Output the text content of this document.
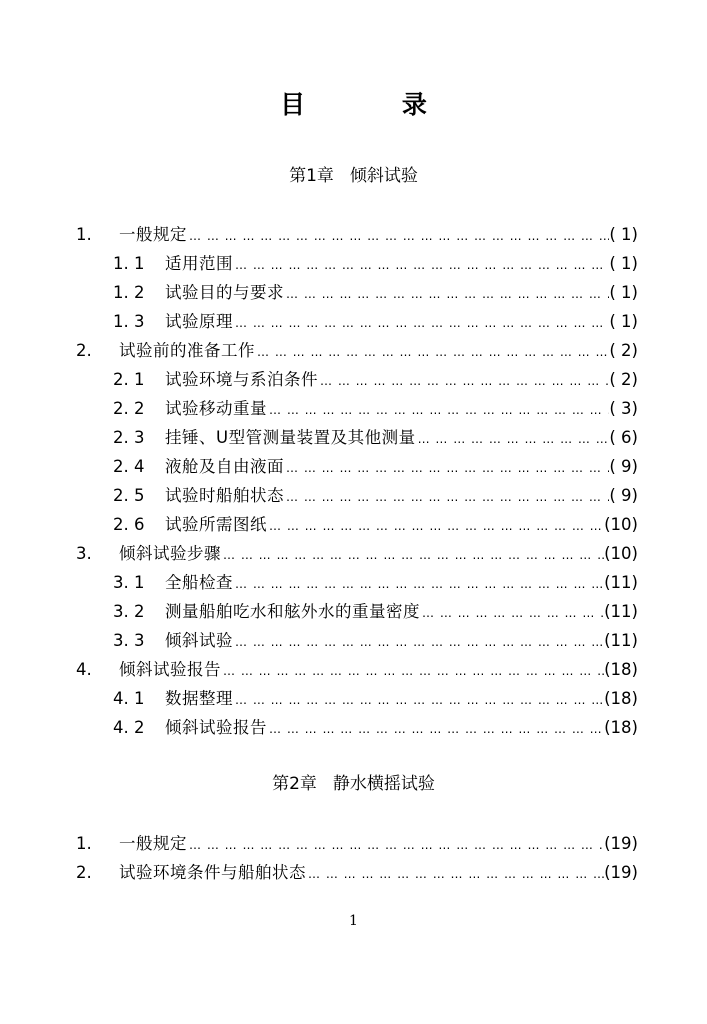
目 录
第1章 倾斜试验
1.	一般规定 … … … … … … … … … … … … … … … … … … … … … … … … … … … … … … … … … … … … … … … … … … … … … … … …	( 1)
1. 1	适用范围 … … … … … … … … … … … … … … … … … … … … … … … … … … … … … … … … … … … … … … … … … … … … … … … …	( 1)
1. 2	试验目的与要求 … … … … … … … … … … … … … … … … … … … … … … … … … … … … … … … … … … … … … … … … … … … … … … … …	( 1)
1. 3	试验原理 … … … … … … … … … … … … … … … … … … … … … … … … … … … … … … … … … … … … … … … … … … … … … … … …	( 1)
2.	试验前的准备工作 … … … … … … … … … … … … … … … … … … … … … … … … … … … … … … … … … … … … … … … … … … … … … … … …	( 2)
2. 1	试验环境与系泊条件 … … … … … … … … … … … … … … … … … … … … … … … … … … … … … … … … … … … … … … … … … … … … … … … …	( 2)
2. 2	试验移动重量 … … … … … … … … … … … … … … … … … … … … … … … … … … … … … … … … … … … … … … … … … … … … … … … …	( 3)
2. 3	挂锤、U型管测量装置及其他测量 … … … … … … … … … … … … … … … … … … … … … … … … … … … … … … … … … … … … … … … … … … … … … … … …	( 6)
2. 4	液舱及自由液面 … … … … … … … … … … … … … … … … … … … … … … … … … … … … … … … … … … … … … … … … … … … … … … … …	( 9)
2. 5	试验时船舶状态 … … … … … … … … … … … … … … … … … … … … … … … … … … … … … … … … … … … … … … … … … … … … … … … …	( 9)
2. 6	试验所需图纸 … … … … … … … … … … … … … … … … … … … … … … … … … … … … … … … … … … … … … … … … … … … … … … … …	(10)
3.	倾斜试验步骤 … … … … … … … … … … … … … … … … … … … … … … … … … … … … … … … … … … … … … … … … … … … … … … … …	(10)
3. 1	全船检查 … … … … … … … … … … … … … … … … … … … … … … … … … … … … … … … … … … … … … … … … … … … … … … … …	(11)
3. 2	测量船舶吃水和舷外水的重量密度 … … … … … … … … … … … … … … … … … … … … … … … … … … … … … … … … … … … … … … … … … … … … … … … …	(11)
3. 3	倾斜试验 … … … … … … … … … … … … … … … … … … … … … … … … … … … … … … … … … … … … … … … … … … … … … … … …	(11)
4.	倾斜试验报告 … … … … … … … … … … … … … … … … … … … … … … … … … … … … … … … … … … … … … … … … … … … … … … … …	(18)
4. 1	数据整理 … … … … … … … … … … … … … … … … … … … … … … … … … … … … … … … … … … … … … … … … … … … … … … … …	(18)
4. 2	倾斜试验报告 … … … … … … … … … … … … … … … … … … … … … … … … … … … … … … … … … … … … … … … … … … … … … … … …	(18)
第2章 静水横摇试验
1.	一般规定 … … … … … … … … … … … … … … … … … … … … … … … … … … … … … … … … … … … … … … … … … … … … … … … …	(19)
2.	试验环境条件与船舶状态 … … … … … … … … … … … … … … … … … … … … … … … … … … … … … … … … … … … … … … … … … … … … … … … …	(19)
1
